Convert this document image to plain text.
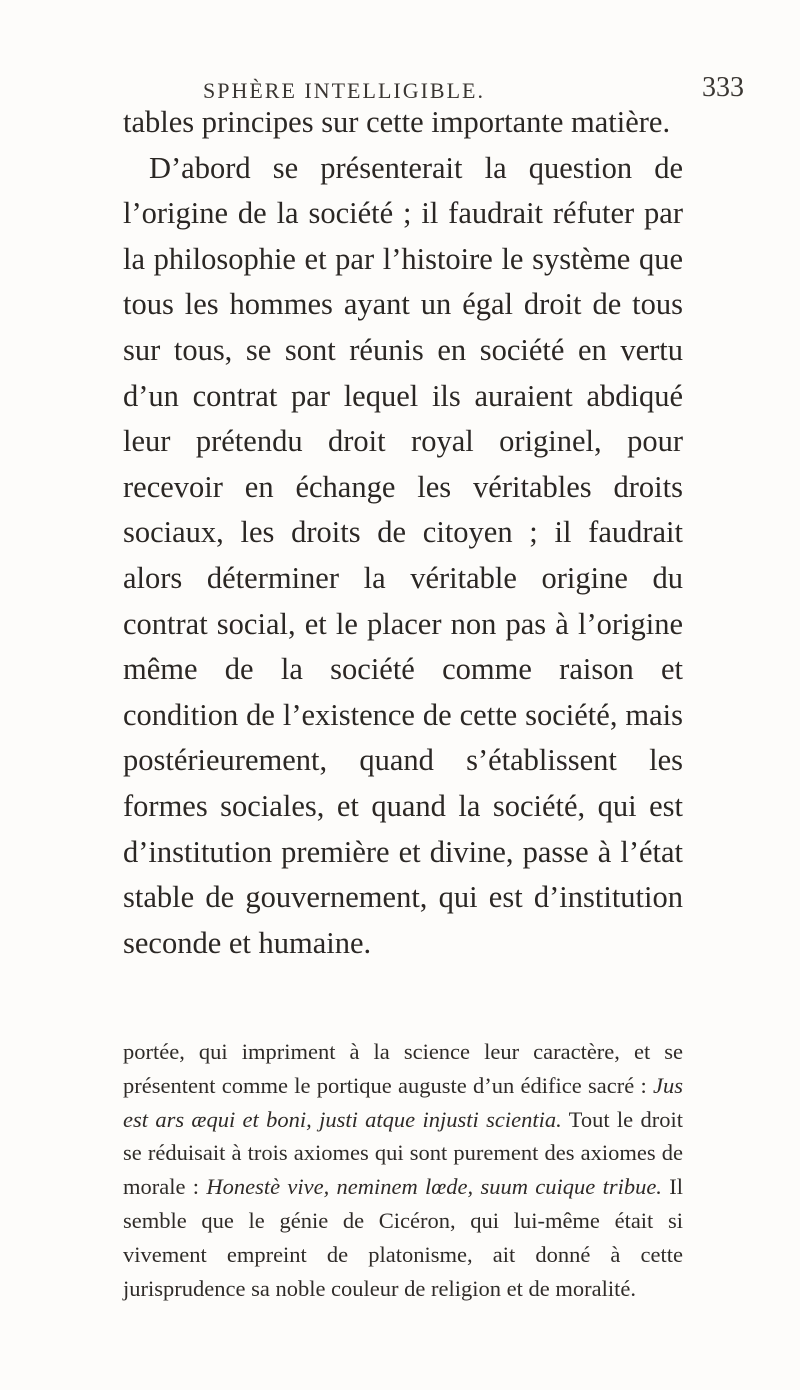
SPHÈRE INTELLIGIBLE.	333

tables principes sur cette importante matière.
D’abord se présenterait la question de l’origine de la société ; il faudrait réfuter par la philosophie et par l’histoire le système que tous les hommes ayant un égal droit de tous sur tous, se sont réunis en société en vertu d’un contrat par lequel ils auraient abdiqué leur prétendu droit royal originel, pour recevoir en échange les véritables droits sociaux, les droits de citoyen ; il faudrait alors déterminer la véritable origine du contrat social, et le placer non pas à l’origine même de la société comme raison et condition de l’existence de cette société, mais postérieurement, quand s’établissent les formes sociales, et quand la société, qui est d’institution première et divine, passe à l’état stable de gouvernement, qui est d’institution seconde et humaine.

portée, qui impriment à la science leur caractère, et se présentent comme le portique auguste d’un édifice sacré : Jus est ars æqui et boni, justi atque injusti scientia. Tout le droit se réduisait à trois axiomes qui sont purement des axiomes de morale : Honestè vive, neminem lœde, suum cuique tribue. Il semble que le génie de Cicéron, qui lui-même était si vivement empreint de platonisme, ait donné à cette jurisprudence sa noble couleur de religion et de moralité.
